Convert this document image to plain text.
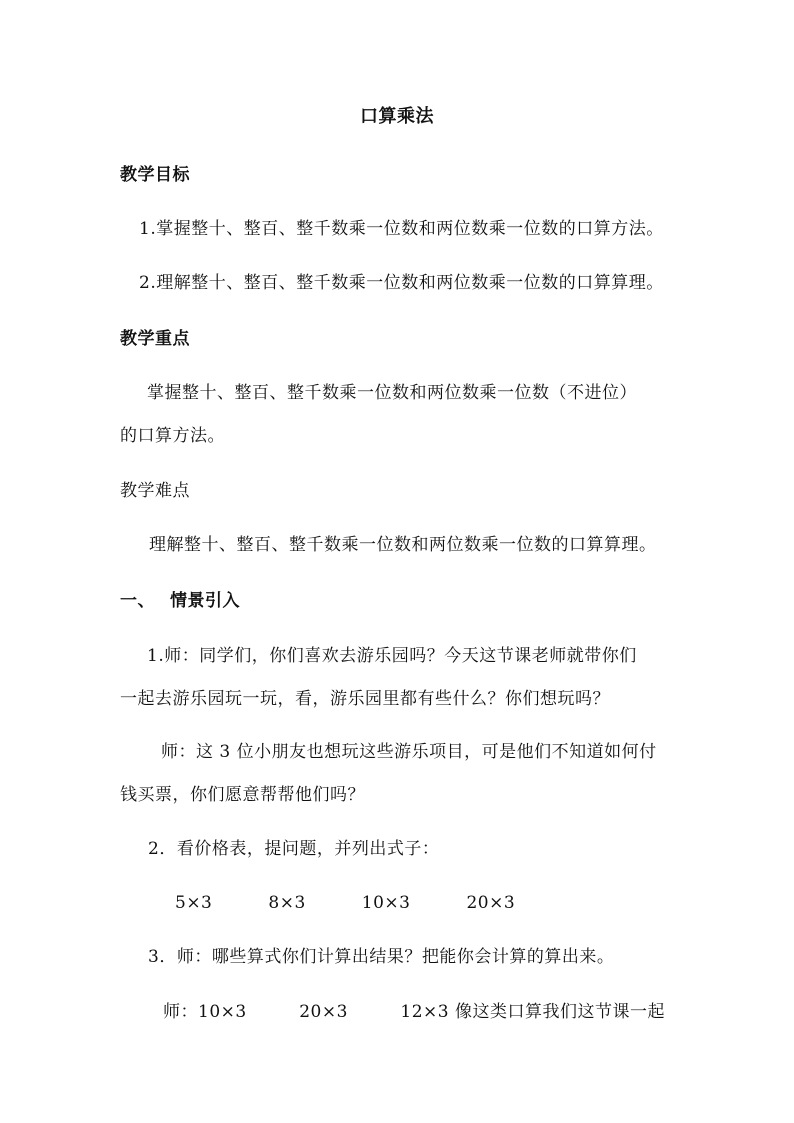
口算乘法
教学目标
1.掌握整十、整百、整千数乘一位数和两位数乘一位数的口算方法。
2.理解整十、整百、整千数乘一位数和两位数乘一位数的口算算理。
教学重点
掌握整十、整百、整千数乘一位数和两位数乘一位数（不进位）
的口算方法。
教学难点
理解整十、整百、整千数乘一位数和两位数乘一位数的口算算理。
一、 情景引入
1.师：同学们，你们喜欢去游乐园吗？今天这节课老师就带你们
一起去游乐园玩一玩，看，游乐园里都有些什么？你们想玩吗？
师：这 3 位小朋友也想玩这些游乐项目，可是他们不知道如何付
钱买票，你们愿意帮帮他们吗？
2．看价格表，提问题，并列出式子：
5×3	8×3	10×3	20×3
3．师：哪些算式你们计算出结果？把能你会计算的算出来。
师：10×3　　　20×3　　　12×3 像这类口算我们这节课一起
